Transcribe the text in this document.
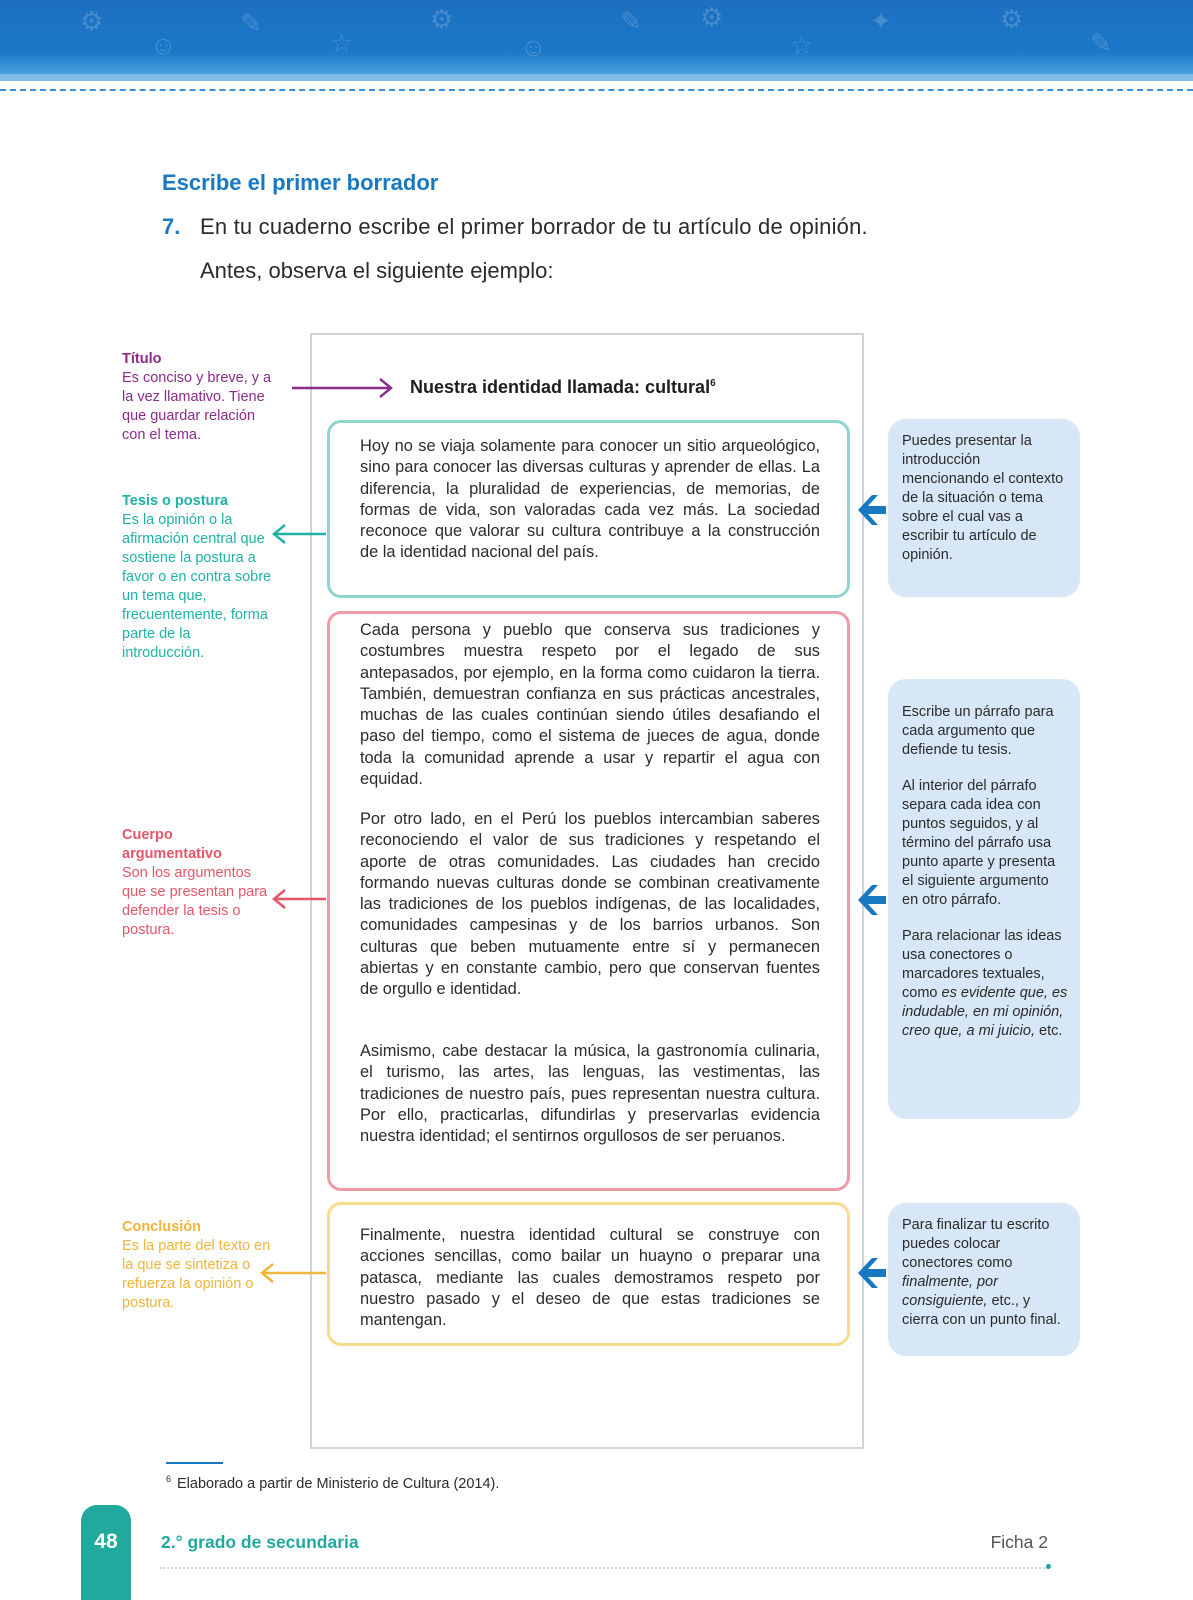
⚙
☺
✎
☆
⚙
☺
✎ ⚙
☆
✦	⚙
✎
Escribe el primer borrador
7. En tu cuaderno escribe el primer borrador de tu artículo de opinión.
Antes, observa el siguiente ejemplo:
Nuestra identidad llamada: cultural$^6$
Hoy no se viaja solamente para conocer un sitio arqueológico, sino para conocer las diversas culturas y aprender de ellas. La diferencia, la pluralidad de experiencias, de memorias, de formas de vida, son valoradas cada vez más. La sociedad reconoce que valorar su cultura contribuye a la construcción de la identidad nacional del país.
Cada persona y pueblo que conserva sus tradiciones y costumbres muestra respeto por el legado de sus antepasados, por ejemplo, en la forma como cuidaron la tierra. También, demuestran confianza en sus prácticas ancestrales, muchas de las cuales continúan siendo útiles desafiando el paso del tiempo, como el sistema de jueces de agua, donde toda la comunidad aprende a usar y repartir el agua con equidad.
Por otro lado, en el Perú los pueblos intercambian saberes reconociendo el valor de sus tradiciones y respetando el aporte de otras comunidades. Las ciudades han crecido formando nuevas culturas donde se combinan creativamente las tradiciones de los pueblos indígenas, de las localidades, comunidades campesinas y de los barrios urbanos. Son culturas que beben mutuamente entre sí y permanecen abiertas y en constante cambio, pero que conservan fuentes de orgullo e identidad.
Asimismo, cabe destacar la música, la gastronomía culinaria, el turismo, las artes, las lenguas, las vestimentas, las tradiciones de nuestro país, pues representan nuestra cultura. Por ello, practicarlas, difundirlas y preservarlas evidencia nuestra identidad; el sentirnos orgullosos de ser peruanos.
Finalmente, nuestra identidad cultural se construye con acciones sencillas, como bailar un huayno o preparar una patasca, mediante las cuales demostramos respeto por nuestro pasado y el deseo de que estas tradiciones se mantengan.
Título
Es conciso y breve, y a la vez llamativo. Tiene que guardar relación con el tema.
Tesis o postura
Es la opinión o la afirmación central que sostiene la postura a favor o en contra sobre un tema que, frecuentemente, forma parte de la introducción.
Cuerpo argumentativo
Son los argumentos que se presentan para defender la tesis o postura.
Conclusión
Es la parte del texto en la que se sintetiza o refuerza la opinión o postura.

Puedes presentar la introducción mencionando el contexto de la situación o tema sobre el cual vas a escribir tu artículo de opinión.

Escribe un párrafo para cada argumento que defiende tu tesis.

Al interior del párrafo separa cada idea con puntos seguidos, y al término del párrafo usa punto aparte y presenta el siguiente argumento en otro párrafo.

Para relacionar las ideas usa conectores o marcadores textuales, como es evidente que, es indudable, en mi opinión, creo que, a mi juicio, etc.

Para finalizar tu escrito puedes colocar conectores como finalmente, por consiguiente, etc., y cierra con un punto final.

$^6$ Elaborado a partir de Ministerio de Cultura (2014).
48	2.° grado de secundaria	Ficha 2
